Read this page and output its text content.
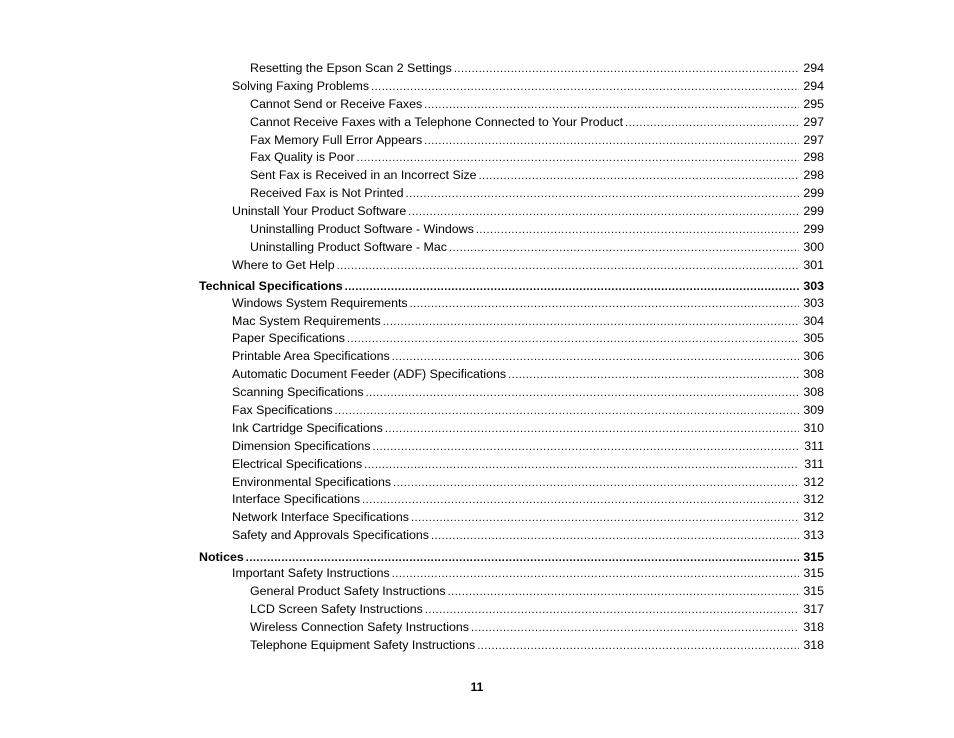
Resetting the Epson Scan 2 Settings .....	294
Solving Faxing Problems .....	294
Cannot Send or Receive Faxes .....	295
Cannot Receive Faxes with a Telephone Connected to Your Product .....	297
Fax Memory Full Error Appears .....	297
Fax Quality is Poor .....	298
Sent Fax is Received in an Incorrect Size .....	298
Received Fax is Not Printed .....	299
Uninstall Your Product Software .....	299
Uninstalling Product Software - Windows .....	299
Uninstalling Product Software - Mac .....	300
Where to Get Help .....	301
Technical Specifications .....	303
Windows System Requirements .....	303
Mac System Requirements .....	304
Paper Specifications .....	305
Printable Area Specifications .....	306
Automatic Document Feeder (ADF) Specifications .....	308
Scanning Specifications .....	308
Fax Specifications .....	309
Ink Cartridge Specifications .....	310
Dimension Specifications .....	311
Electrical Specifications .....	311
Environmental Specifications .....	312
Interface Specifications .....	312
Network Interface Specifications .....	312
Safety and Approvals Specifications .....	313
Notices .....	315
Important Safety Instructions .....	315
General Product Safety Instructions .....	315
LCD Screen Safety Instructions .....	317
Wireless Connection Safety Instructions .....	318
Telephone Equipment Safety Instructions .....	318
11
